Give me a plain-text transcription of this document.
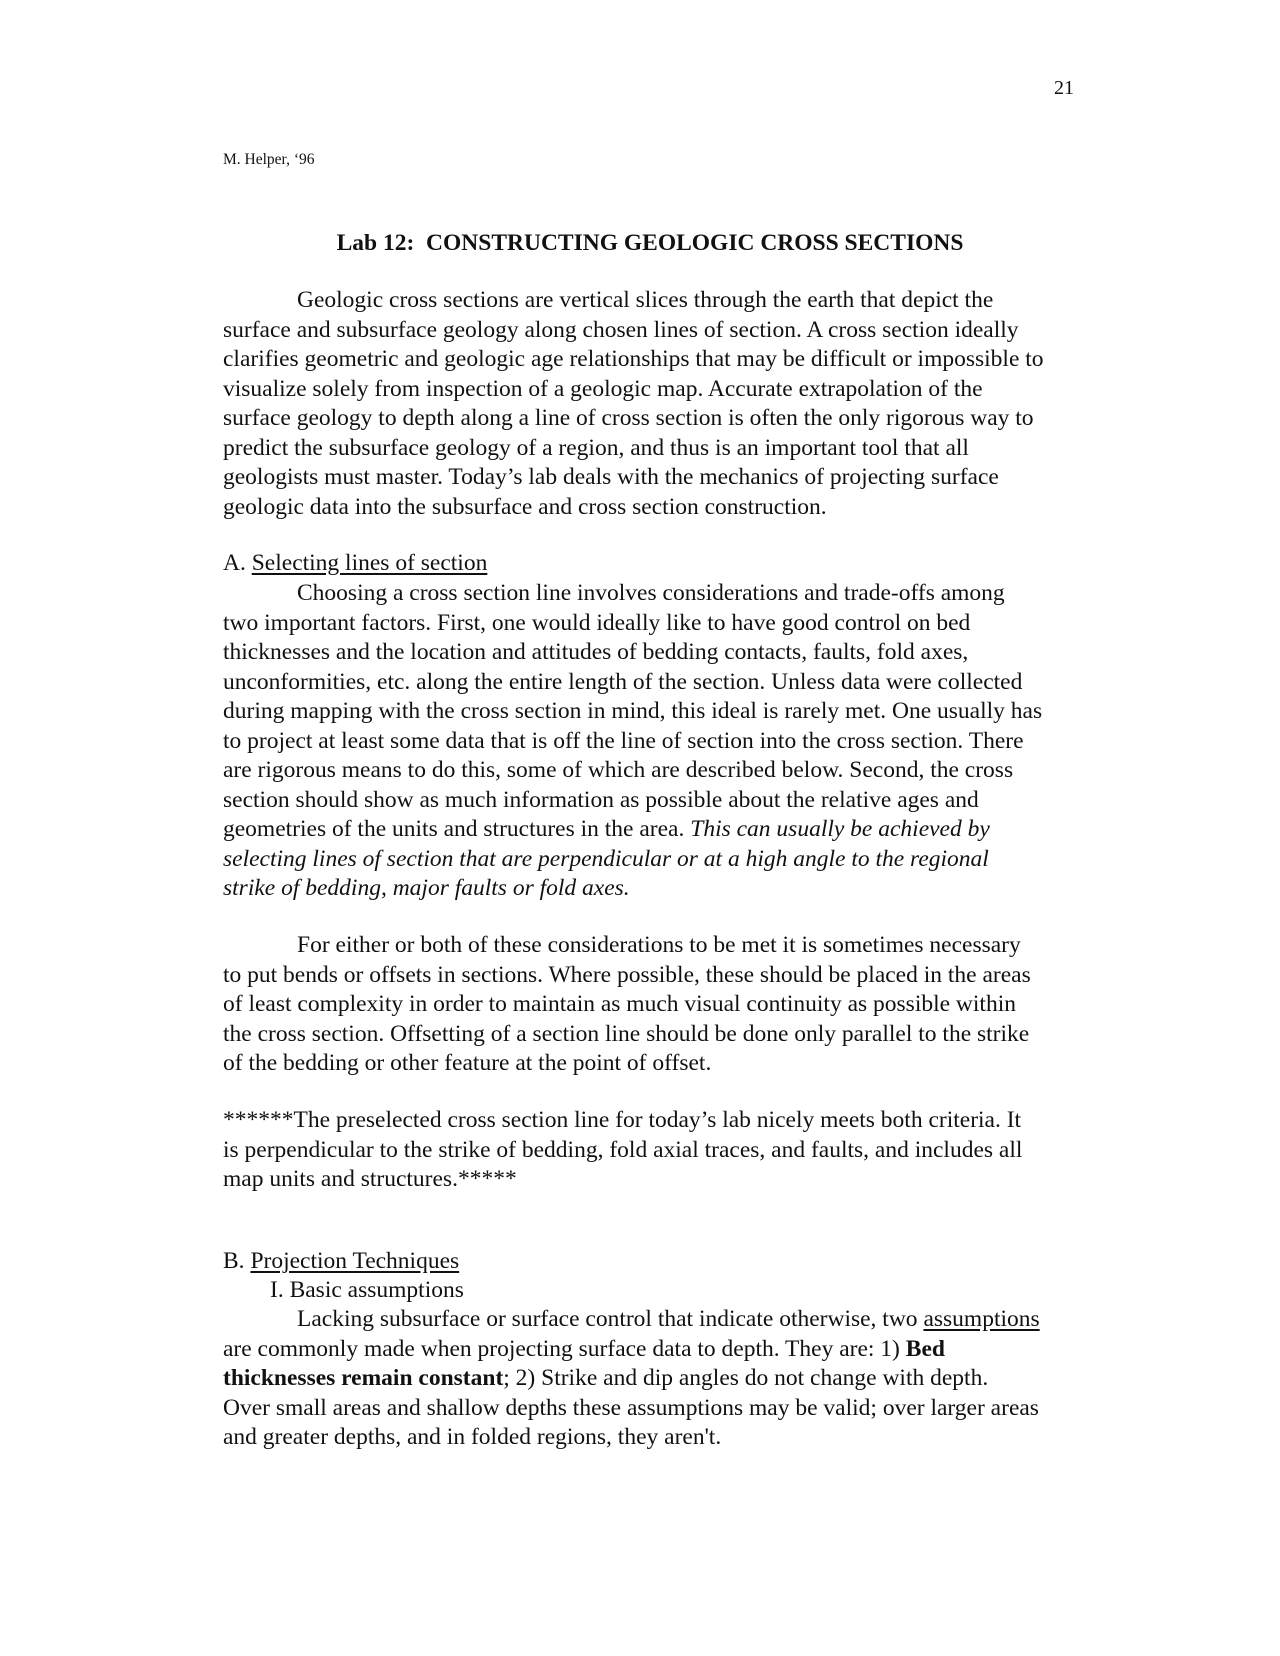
21
M. Helper, ‘96
Lab 12:  CONSTRUCTING GEOLOGIC CROSS SECTIONS
Geologic cross sections are vertical slices through the earth that depict the
surface and subsurface geology along chosen lines of section. A cross section ideally
clarifies geometric and geologic age relationships that may be difficult or impossible to
visualize solely from inspection of a geologic map. Accurate extrapolation of the
surface geology to depth along a line of cross section is often the only rigorous way to
predict the subsurface geology of a region, and thus is an important tool that all
geologists must master. Today’s lab deals with the mechanics of projecting surface
geologic data into the subsurface and cross section construction.
A. Selecting lines of section
Choosing a cross section line involves considerations and trade-offs among
two important factors. First, one would ideally like to have good control on bed
thicknesses and the location and attitudes of bedding contacts, faults, fold axes,
unconformities, etc. along the entire length of the section. Unless data were collected
during mapping with the cross section in mind, this ideal is rarely met. One usually has
to project at least some data that is off the line of section into the cross section. There
are rigorous means to do this, some of which are described below. Second, the cross
section should show as much information as possible about the relative ages and
geometries of the units and structures in the area. This can usually be achieved by
selecting lines of section that are perpendicular or at a high angle to the regional
strike of bedding, major faults or fold axes.
For either or both of these considerations to be met it is sometimes necessary
to put bends or offsets in sections. Where possible, these should be placed in the areas
of least complexity in order to maintain as much visual continuity as possible within
the cross section. Offsetting of a section line should be done only parallel to the strike
of the bedding or other feature at the point of offset.
******The preselected cross section line for today’s lab nicely meets both criteria. It
is perpendicular to the strike of bedding, fold axial traces, and faults, and includes all
map units and structures.*****
B. Projection Techniques
I. Basic assumptions
Lacking subsurface or surface control that indicate otherwise, two assumptions
are commonly made when projecting surface data to depth. They are: 1) Bed
thicknesses remain constant; 2) Strike and dip angles do not change with depth.
Over small areas and shallow depths these assumptions may be valid; over larger areas
and greater depths, and in folded regions, they aren't.
